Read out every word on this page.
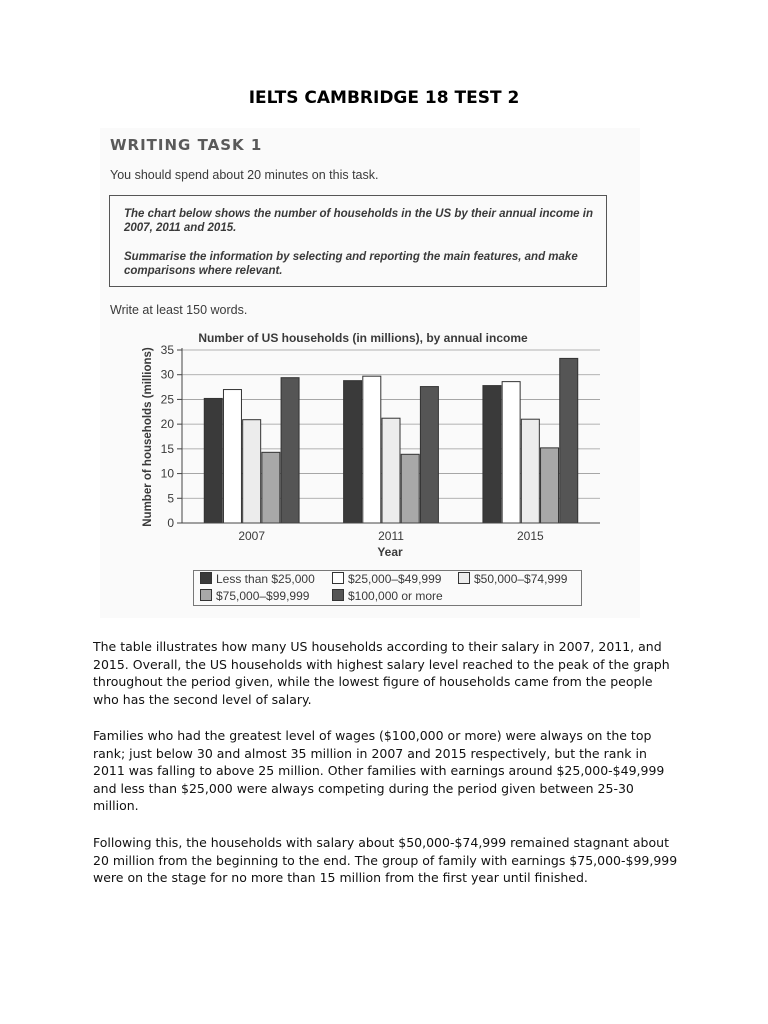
IELTS CAMBRIDGE 18 TEST 2
WRITING TASK 1
You should spend about 20 minutes on this task.
The chart below shows the number of households in the US by their annual income in 2007, 2011 and 2015.
Summarise the information by selecting and reporting the main features, and make comparisons where relevant.
Write at least 150 words.
Number of US households (in millions), by annual income
Number of households (millions)
Year
0
5
10
15
20
25
30
35
2007	2011	2015
Less than $25,000	$25,000–$49,999	$50,000–$74,999
$75,000–$99,999	$100,000 or more

The table illustrates how many US households according to their salary in 2007, 2011, and 2015. Overall, the US households with highest salary level reached to the peak of the graph throughout the period given, while the lowest figure of households came from the people who has the second level of salary.

Families who had the greatest level of wages ($100,000 or more) were always on the top rank; just below 30 and almost 35 million in 2007 and 2015 respectively, but the rank in 2011 was falling to above 25 million. Other families with earnings around $25,000-$49,999 and less than $25,000 were always competing during the period given between 25-30 million.

Following this, the households with salary about $50,000-$74,999 remained stagnant about 20 million from the beginning to the end. The group of family with earnings $75,000-$99,999 were on the stage for no more than 15 million from the first year until finished.
